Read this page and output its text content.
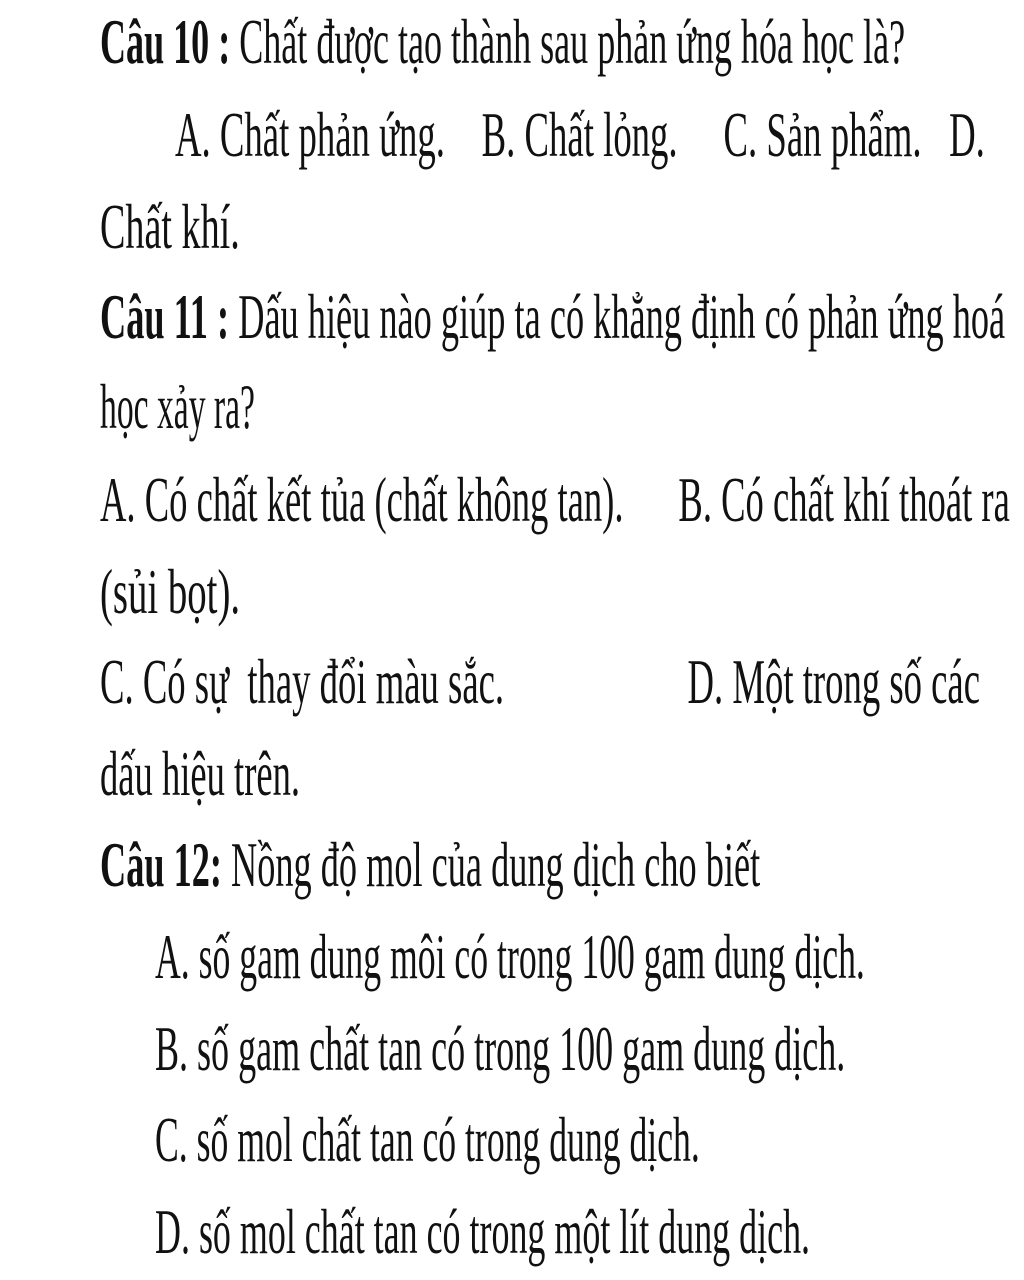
Câu 10 : Chất được tạo thành sau phản ứng hóa học là?
A. Chất phản ứng.    B. Chất lỏng.     C. Sản phẩm.   D.
Chất khí.
Câu 11 : Dấu hiệu nào giúp ta có khẳng định có phản ứng hoá
học xảy ra?
A. Có chất kết tủa (chất không tan).      B. Có chất khí thoát ra
(sủi bọt).
C. Có sự  thay đổi màu sắc.                    D. Một trong số các
dấu hiệu trên.
Câu 12: Nồng độ mol của dung dịch cho biết
A. số gam dung môi có trong 100 gam dung dịch.
B. số gam chất tan có trong 100 gam dung dịch.
C. số mol chất tan có trong dung dịch.
D. số mol chất tan có trong một lít dung dịch.
